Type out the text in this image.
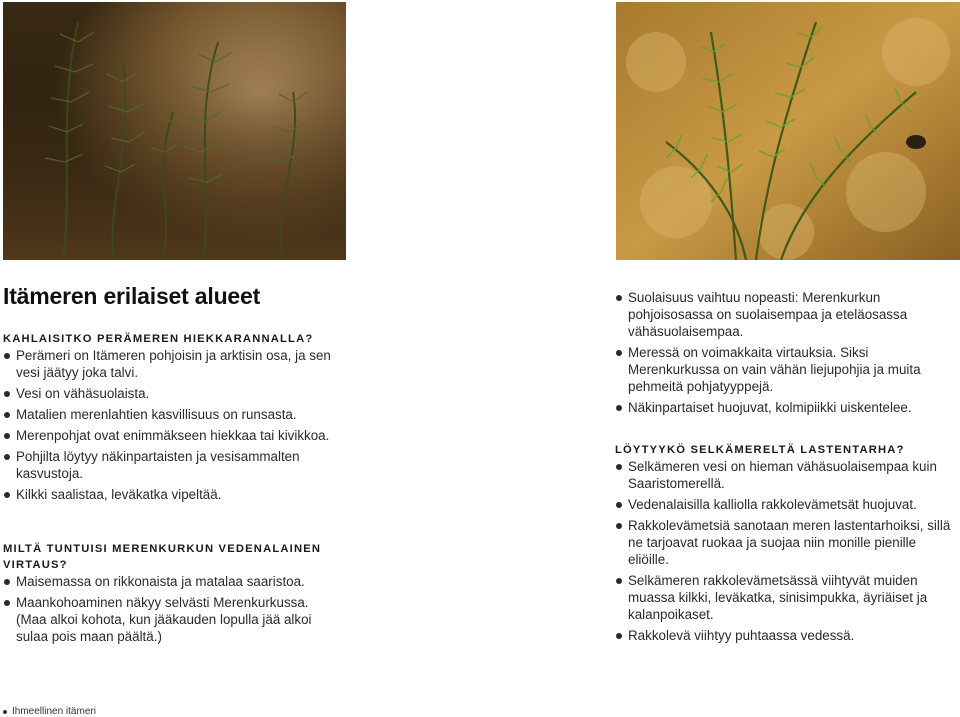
Itämeren erilaiset alueet
KAHLAISITKO PERÄMEREN HIEKKARANNALLA?
Perämeri on Itämeren pohjoisin ja arktisin osa, ja sen vesi jäätyy joka talvi.
Vesi on vähäsuolaista.
Matalien merenlahtien kasvillisuus on runsasta.
Merenpohjat ovat enimmäkseen hiekkaa tai kivikkoa.
Pohjilta löytyy näkinpartaisten ja vesisammalten kasvustoja.
Kilkki saalistaa, leväkatka vipeltää.
MILTÄ TUNTUISI MERENKURKUN VEDENALAINEN VIRTAUS?
Maisemassa on rikkonaista ja matalaa saaristoa.
Maankohoaminen näkyy selvästi Merenkurkussa. (Maa alkoi kohota, kun jääkauden lopulla jää alkoi sulaa pois maan päältä.)
Suolaisuus vaihtuu nopeasti: Merenkurkun pohjoisosassa on suolaisempaa ja eteläosassa vähäsuolaisempaa.
Meressä on voimakkaita virtauksia. Siksi Merenkurkussa on vain vähän liejupohjia ja muita pehmeitä pohjatyyppejä.
Näkinpartaiset huojuvat, kolmipiikki uiskentelee.
LÖYTYYKÖ SELKÄMERELTÄ LASTENTARHA?
Selkämeren vesi on hieman vähäsuolaisempaa kuin Saaristomerellä.
Vedenalaisilla kalliolla rakkolevämetsät huojuvat.
Rakkolevämetsiä sanotaan meren lastentarhoiksi, sillä ne tarjoavat ruokaa ja suojaa niin monille pienille eliöille.
Selkämeren rakkolevämetsässä viihtyvät muiden muassa kilkki, leväkatka, sinisimpukka, äyriäiset ja kalanpoikaset.
Rakkolevä viihtyy puhtaassa vedessä.
Ihmeellinen itämeri
